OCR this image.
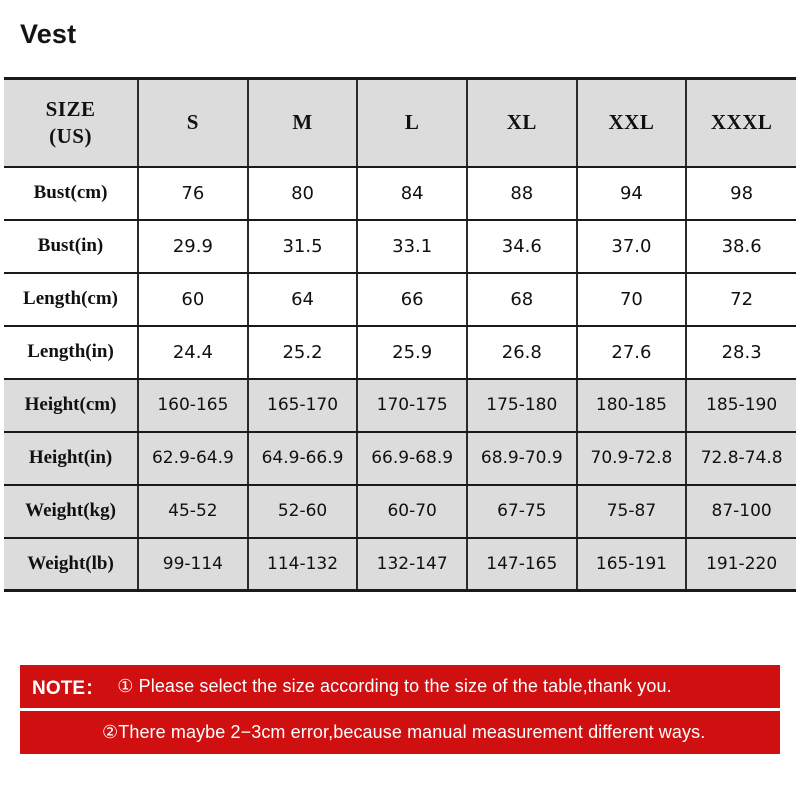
Vest
SIZE
(US)	S	M	L	XL	XXL	XXXL
Bust(cm)	76	80	84	88	94	98
Bust(in)	29.9	31.5	33.1	34.6	37.0	38.6
Length(cm)	60	64	66	68	70	72
Length(in)	24.4	25.2	25.9	26.8	27.6	28.3
Height(cm)	160-165	165-170	170-175	175-180	180-185	185-190
Height(in)	62.9-64.9	64.9-66.9	66.9-68.9	68.9-70.9	70.9-72.8	72.8-74.8
Weight(kg)	45-52	52-60	60-70	67-75	75-87	87-100
Weight(lb)	99-114	114-132	132-147	147-165	165-191	191-220
NOTE： ① Please select the size according to the size of the table,thank you.
②There maybe 2−3cm error,because manual measurement different ways.
